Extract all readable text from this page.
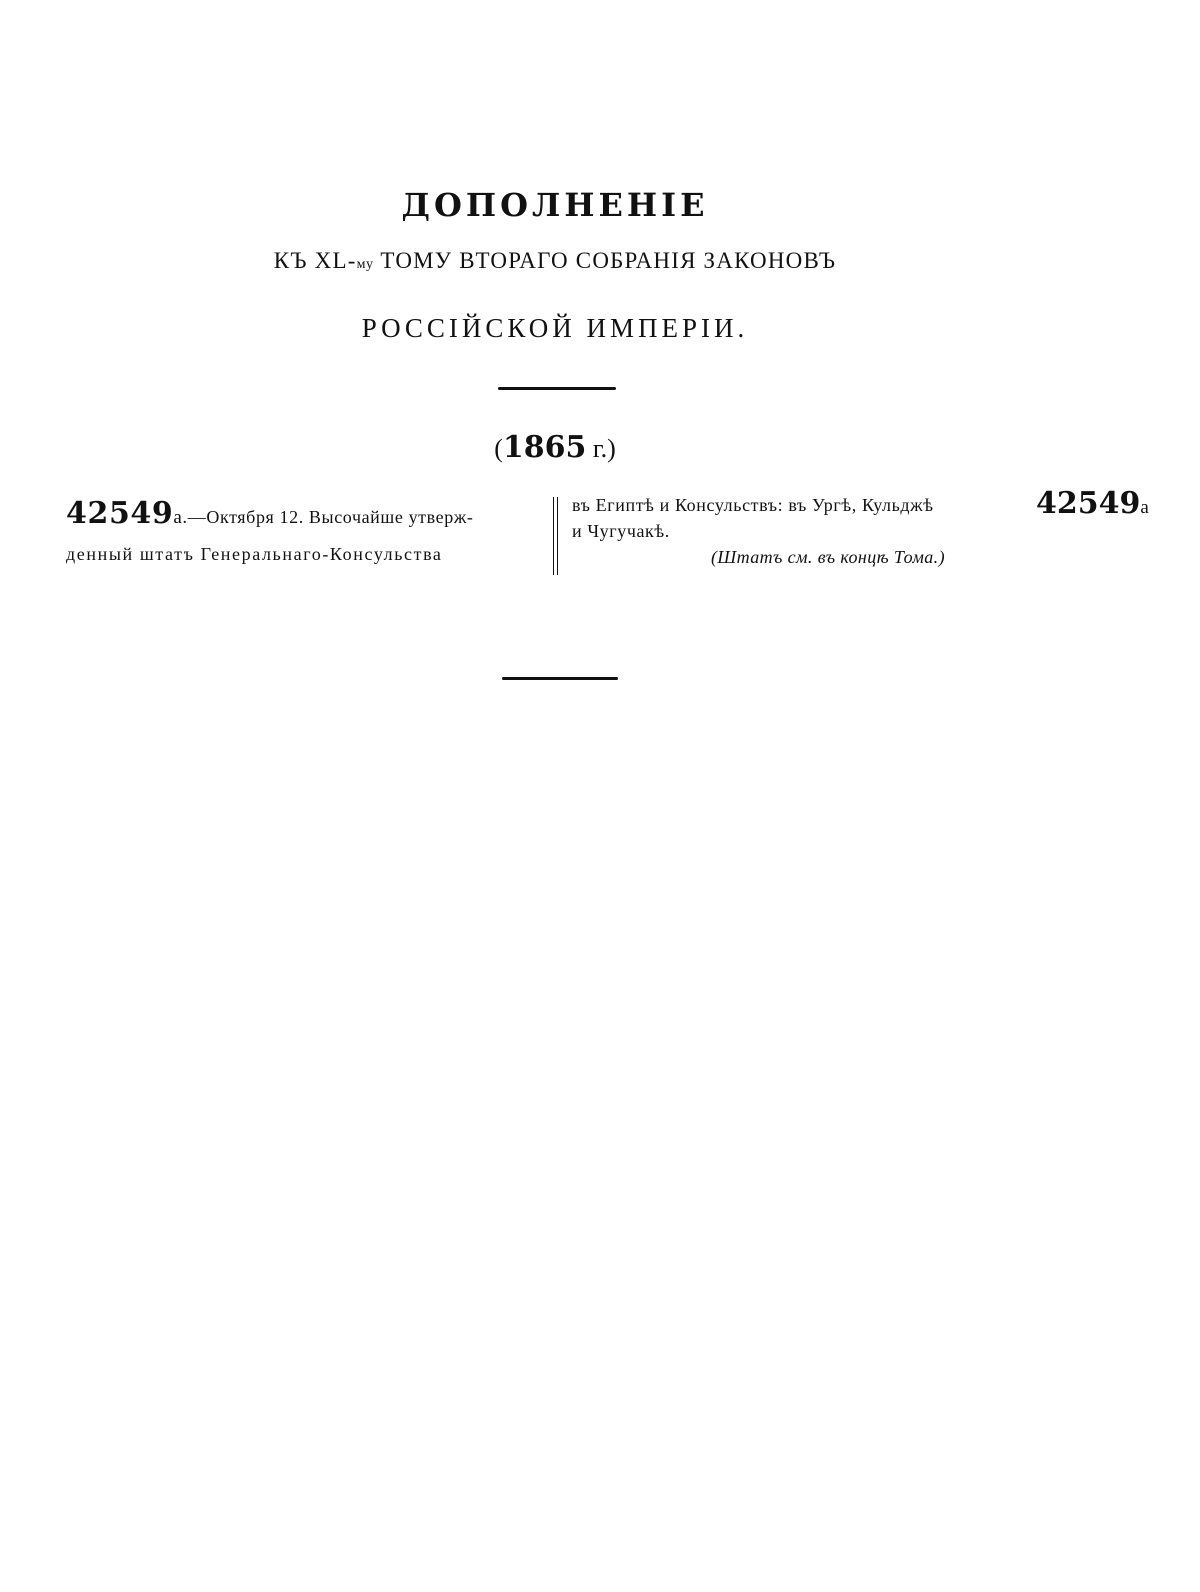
ДОПОЛНЕНIЕ
КЪ XL-му ТОМУ ВТОРАГО СОБРАНIЯ ЗАКОНОВЪ
РОССIЙСКОЙ ИМПЕРIИ.
(1865 г.)
42549а.—Октября 12. Высочайше утверж-
денный штатъ Генеральнаго-Консульства
въ Египтѣ и Консульствъ: въ Ургѣ, Кульджѣ
и Чугучакѣ.
(Штатъ см. въ концѣ Тома.)
42549а
